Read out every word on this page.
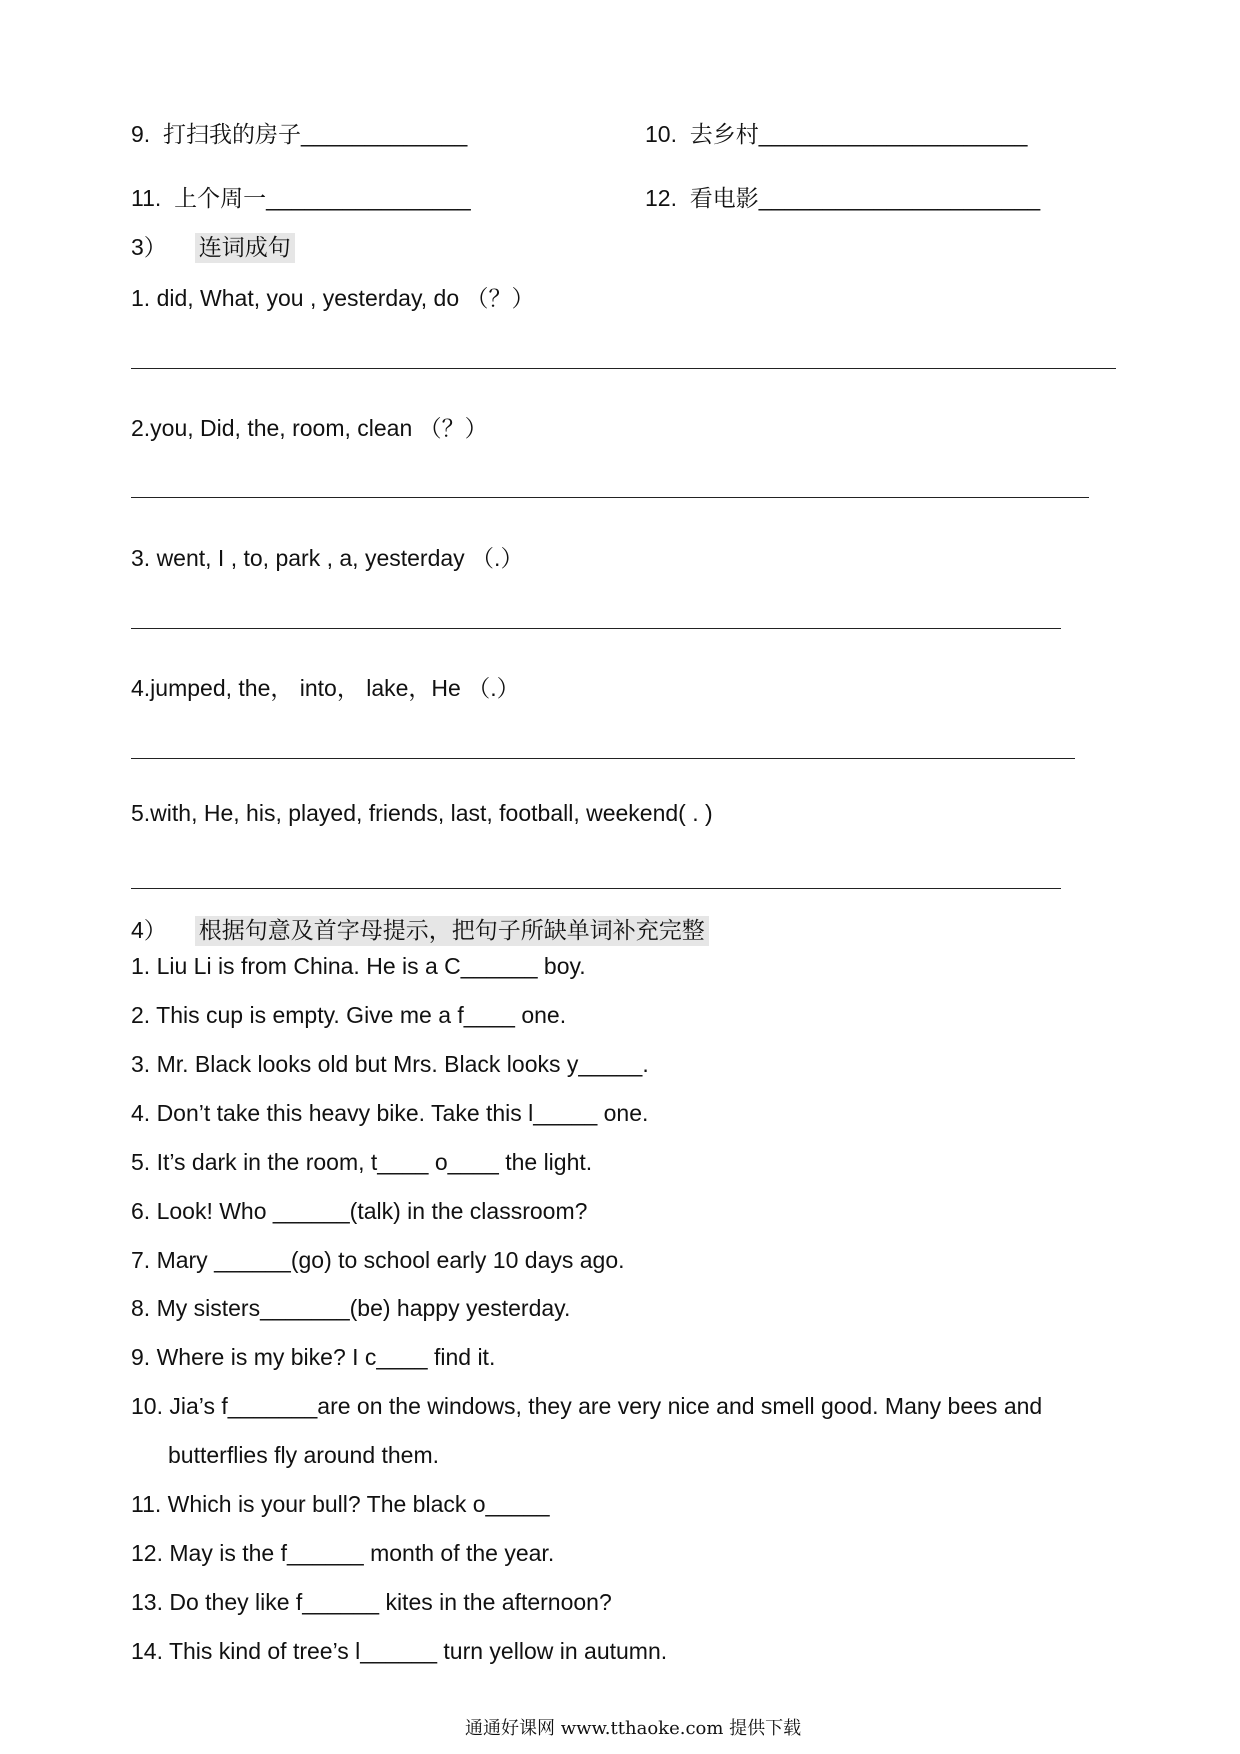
9. 打扫我的房子_____________	10. 去乡村_____________________
11. 上个周一________________	12. 看电影______________________
3） 连词成句
1. did, What, you , yesterday, do （？）
2.you, Did, the, room, clean （？）
3. went, I , to, park , a, yesterday （.）
4.jumped, the， into， lake，He （.）
5.with, He, his, played, friends, last, football, weekend( . )
4） 根据句意及首字母提示，把句子所缺单词补充完整
1. Liu Li is from China. He is a C______ boy.
2. This cup is empty. Give me a f____ one.
3. Mr. Black looks old but Mrs. Black looks y_____.
4. Don’t take this heavy bike. Take this l_____ one.
5. It’s dark in the room, t____ o____ the light.
6. Look! Who ______(talk) in the classroom?
7. Mary ______(go) to school early 10 days ago.
8. My sisters_______(be) happy yesterday.
9. Where is my bike? I c____ find it.
10. Jia’s f_______are on the windows, they are very nice and smell good. Many bees and
butterflies fly around them.
11. Which is your bull? The black o_____
12. May is the f______ month of the year.
13. Do they like f______ kites in the afternoon?
14. This kind of tree’s l______ turn yellow in autumn.
通通好课网 www.tthaoke.com 提供下载
